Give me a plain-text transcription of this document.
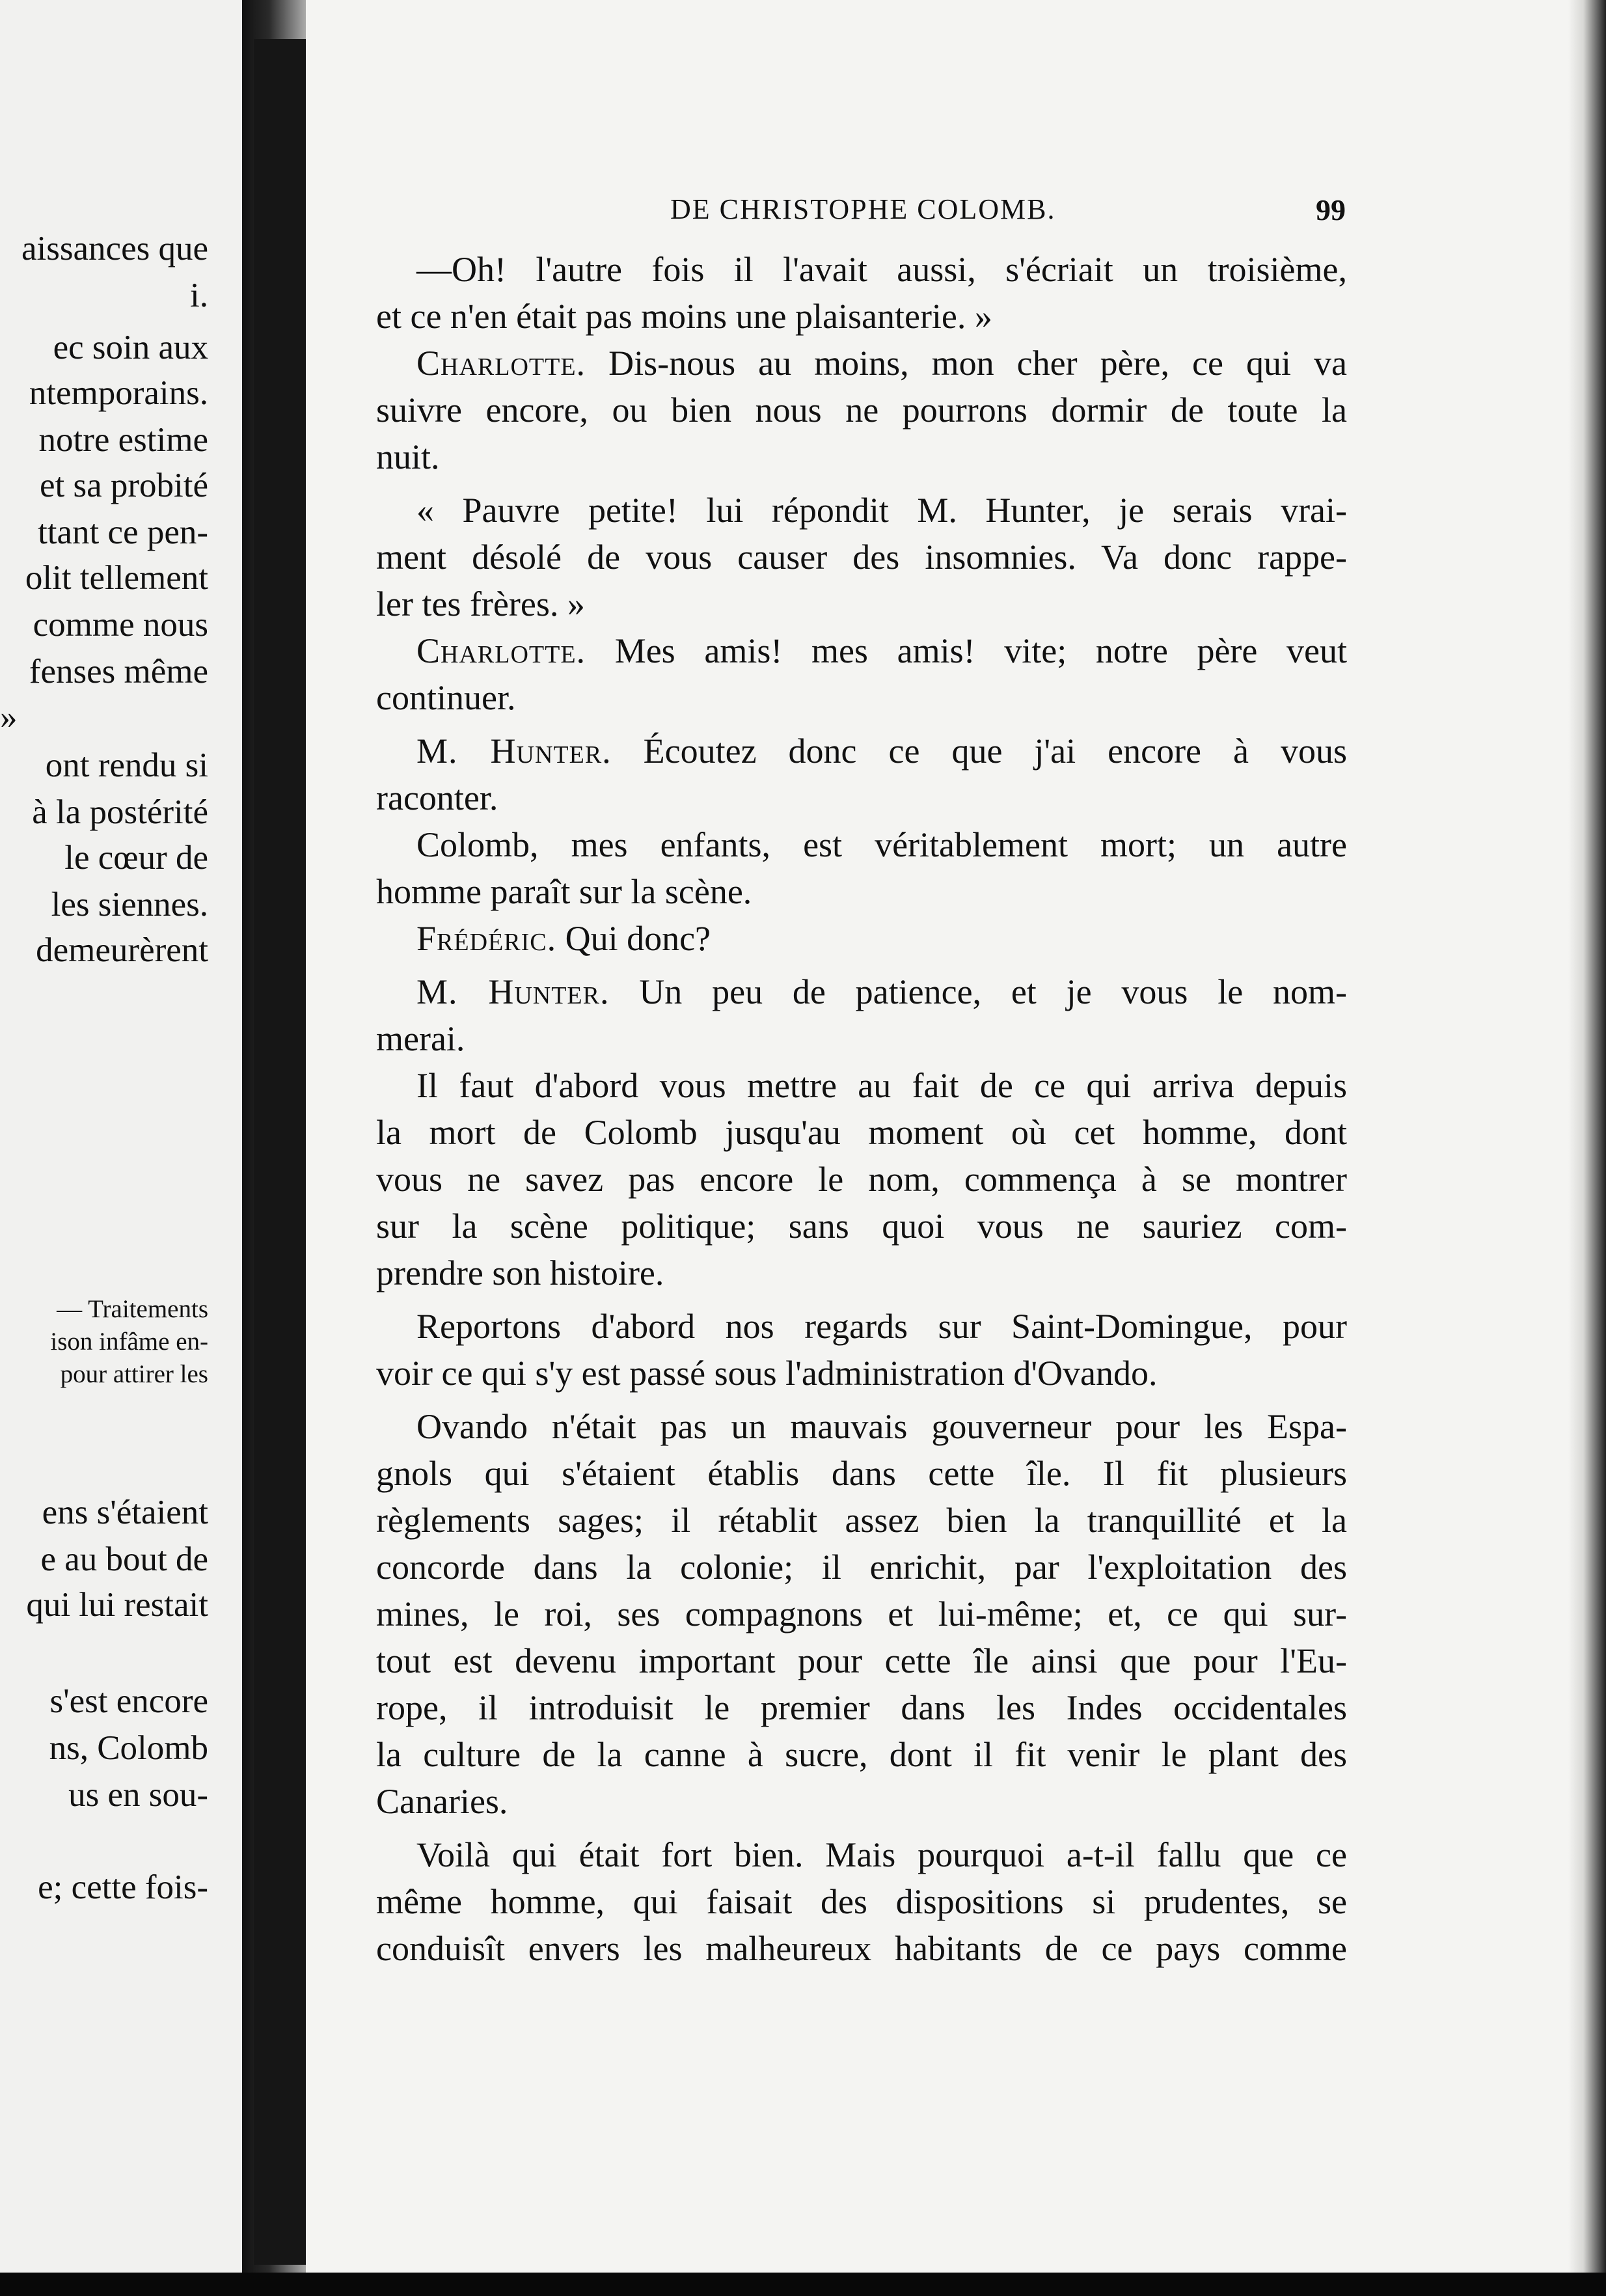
aissances que
i.
ec soin aux
ntemporains.
notre estime
et sa probité
ttant ce pen-
olit tellement
comme nous
fenses même
»
ont rendu si
à la postérité
le cœur de
les siennes.
demeurèrent
— Traitements
ison infâme en-
pour attirer les
ens s'étaient
e au bout de
qui lui restait
s'est encore
ns, Colomb
us en sou-
e; cette fois-
DE CHRISTOPHE COLOMB.	99
—Oh! l'autre fois il l'avait aussi, s'écriait un troisième,
et ce n'en était pas moins une plaisanterie. »
Charlotte. Dis-nous au moins, mon cher père, ce qui va
suivre encore, ou bien nous ne pourrons dormir de toute la
nuit.
« Pauvre petite! lui répondit M. Hunter, je serais vrai-
ment désolé de vous causer des insomnies. Va donc rappe-
ler tes frères. »
Charlotte. Mes amis! mes amis! vite; notre père veut
continuer.
M. Hunter. Écoutez donc ce que j'ai encore à vous
raconter.
Colomb, mes enfants, est véritablement mort; un autre
homme paraît sur la scène.
Frédéric. Qui donc?
M. Hunter. Un peu de patience, et je vous le nom-
merai.
Il faut d'abord vous mettre au fait de ce qui arriva depuis
la mort de Colomb jusqu'au moment où cet homme, dont
vous ne savez pas encore le nom, commença à se montrer
sur la scène politique; sans quoi vous ne sauriez com-
prendre son histoire.
Reportons d'abord nos regards sur Saint-Domingue, pour
voir ce qui s'y est passé sous l'administration d'Ovando.
Ovando n'était pas un mauvais gouverneur pour les Espa-
gnols qui s'étaient établis dans cette île. Il fit plusieurs
règlements sages; il rétablit assez bien la tranquillité et la
concorde dans la colonie; il enrichit, par l'exploitation des
mines, le roi, ses compagnons et lui-même; et, ce qui sur-
tout est devenu important pour cette île ainsi que pour l'Eu-
rope, il introduisit le premier dans les Indes occidentales
la culture de la canne à sucre, dont il fit venir le plant des
Canaries.
Voilà qui était fort bien. Mais pourquoi a-t-il fallu que ce
même homme, qui faisait des dispositions si prudentes, se
conduisît envers les malheureux habitants de ce pays comme
